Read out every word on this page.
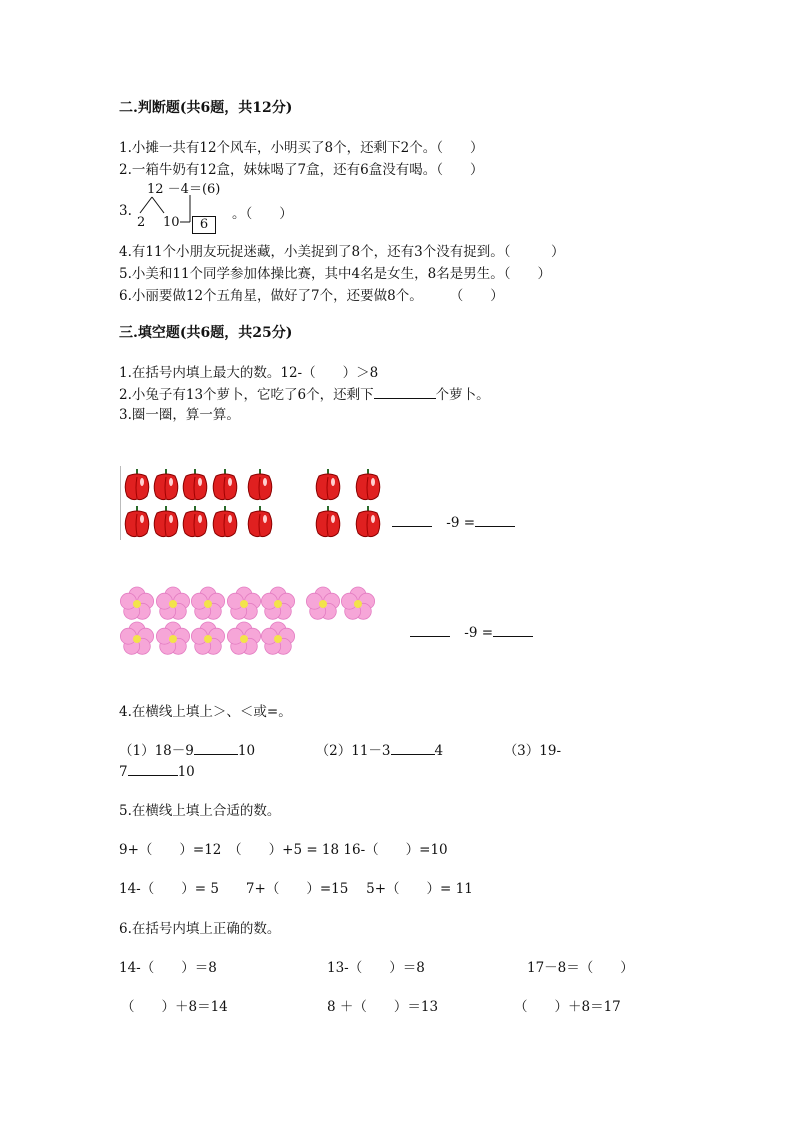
二.判断题(共6题，共12分)
1.小摊一共有12个风车，小明买了8个，还剩下2个。（　　）
2.一箱牛奶有12盒，妹妹喝了7盒，还有6盒没有喝。（　　）
12 －4＝(6)
3.
2 10	6
。（　　）
4.有11个小朋友玩捉迷藏，小美捉到了8个，还有3个没有捉到。（　　　）
5.小美和11个同学参加体操比赛，其中4名是女生，8名是男生。（　　）
6.小丽要做12个五角星，做好了7个，还要做8个。　　　（　　）
三.填空题(共6题，共25分)
1.在括号内填上最大的数。12-（　　）＞8
2.小兔子有13个萝卜，它吃了6个，还剩下	个萝卜。
3.圈一圈，算一算。
-9 =
-9 =
4.在横线上填上＞、＜或=。
（1）18－9	10	（2）11－3	4	（3）19-
7	10
5.在横线上填上合适的数。
9+（　　）=12　（　　）+5 = 18 16-（　　）=10
14-（　　）= 5　　7+（　　）=15　 5+（　　）= 11
6.在括号内填上正确的数。
14-（　　）＝8	13-（　　）＝8	17－8＝（　　）
（　　）＋8＝14	8 ＋（　　）＝13	（　　）＋8＝17
